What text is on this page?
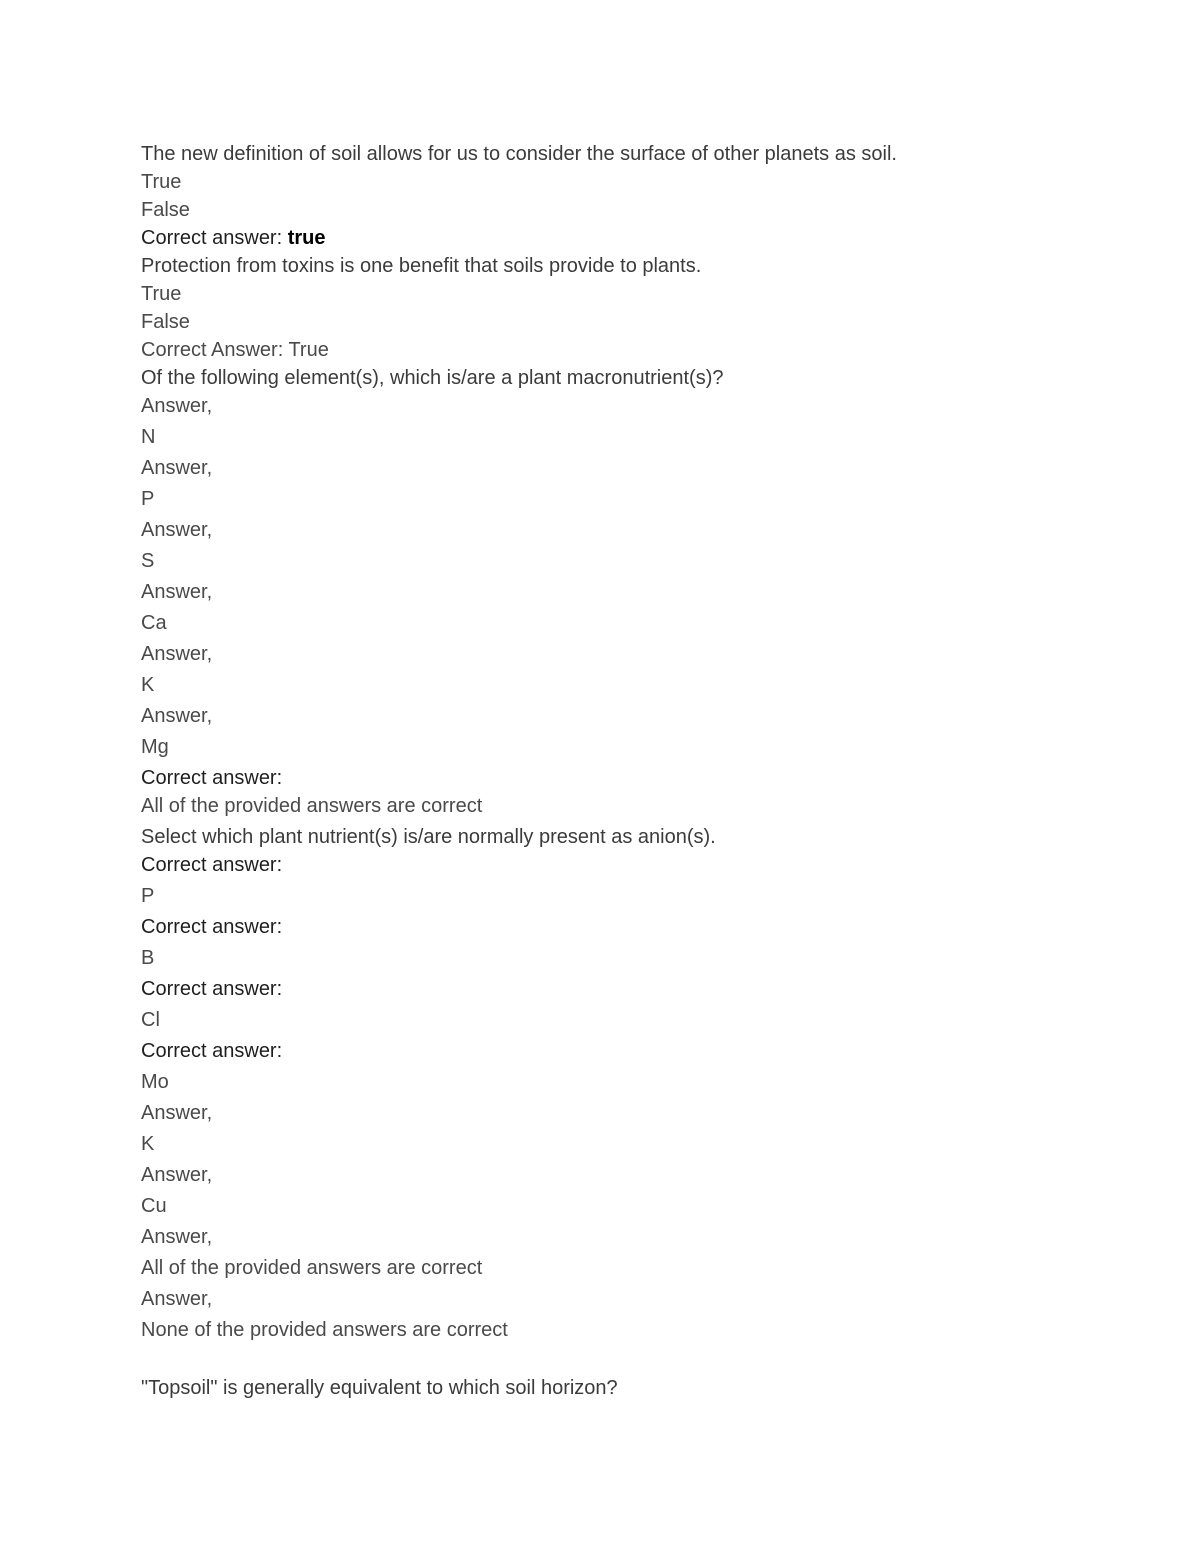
The new definition of soil allows for us to consider the surface of other planets as soil.
True
False
Correct answer: true
Protection from toxins is one benefit that soils provide to plants.
True
False
Correct Answer: True
Of the following element(s), which is/are a plant macronutrient(s)?
Answer,
N
Answer,
P
Answer,
S
Answer,
Ca
Answer,
K
Answer,
Mg
Correct answer:
All of the provided answers are correct
Select which plant nutrient(s) is/are normally present as anion(s).
Correct answer:
P
Correct answer:
B
Correct answer:
Cl
Correct answer:
Mo
Answer,
K
Answer,
Cu
Answer,
All of the provided answers are correct
Answer,
None of the provided answers are correct
"Topsoil" is generally equivalent to which soil horizon?
